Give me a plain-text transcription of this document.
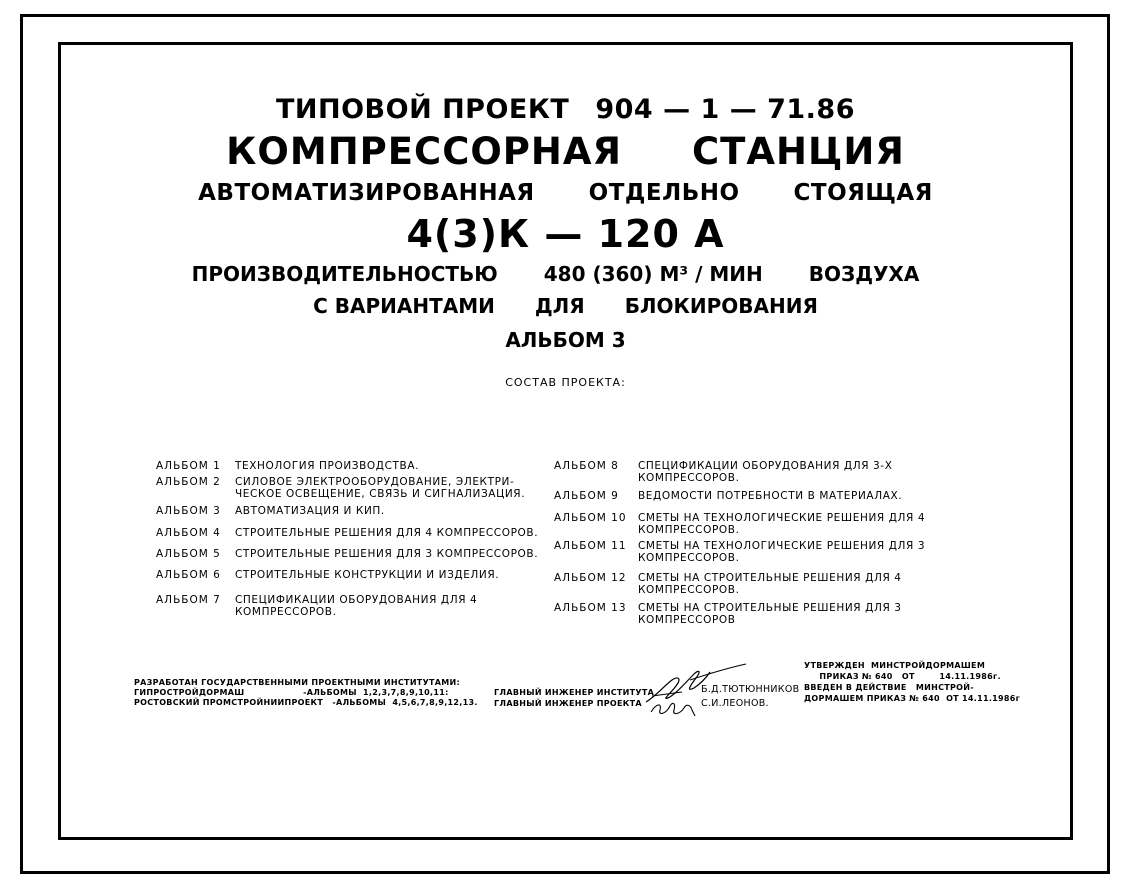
ТИПОВОЙ ПРОЕКТ 904 — 1 — 71.86
КОМПРЕССОРНАЯ СТАНЦИЯ
АВТОМАТИЗИРОВАННАЯ ОТДЕЛЬНО СТОЯЩАЯ
4(3)К — 120 А
ПРОИЗВОДИТЕЛЬНОСТЬЮ 480 (360) М³ / МИН ВОЗДУХА
С ВАРИАНТАМИ ДЛЯ БЛОКИРОВАНИЯ
АЛЬБОМ 3
СОСТАВ ПРОЕКТА:
АЛЬБОМ 1 ТЕХНОЛОГИЯ ПРОИЗВОДСТВА.
АЛЬБОМ 2 СИЛОВОЕ ЭЛЕКТРООБОРУДОВАНИЕ, ЭЛЕКТРИ-
ЧЕСКОЕ ОСВЕЩЕНИЕ, СВЯЗЬ И СИГНАЛИЗАЦИЯ.
АЛЬБОМ 3 АВТОМАТИЗАЦИЯ И КИП.
АЛЬБОМ 4 СТРОИТЕЛЬНЫЕ РЕШЕНИЯ ДЛЯ 4 КОМПРЕССОРОВ.
АЛЬБОМ 5 СТРОИТЕЛЬНЫЕ РЕШЕНИЯ ДЛЯ 3 КОМПРЕССОРОВ.
АЛЬБОМ 6 СТРОИТЕЛЬНЫЕ КОНСТРУКЦИИ И ИЗДЕЛИЯ.
АЛЬБОМ 7 СПЕЦИФИКАЦИИ ОБОРУДОВАНИЯ ДЛЯ 4
КОМПРЕССОРОВ.
АЛЬБОМ 8 СПЕЦИФИКАЦИИ ОБОРУДОВАНИЯ ДЛЯ 3-Х
КОМПРЕССОРОВ.
АЛЬБОМ 9 ВЕДОМОСТИ ПОТРЕБНОСТИ В МАТЕРИАЛАХ.
АЛЬБОМ 10 СМЕТЫ НА ТЕХНОЛОГИЧЕСКИЕ РЕШЕНИЯ ДЛЯ 4
КОМПРЕССОРОВ.
АЛЬБОМ 11 СМЕТЫ НА ТЕХНОЛОГИЧЕСКИЕ РЕШЕНИЯ ДЛЯ 3
КОМПРЕССОРОВ.
АЛЬБОМ 12 СМЕТЫ НА СТРОИТЕЛЬНЫЕ РЕШЕНИЯ ДЛЯ 4
КОМПРЕССОРОВ.
АЛЬБОМ 13 СМЕТЫ НА СТРОИТЕЛЬНЫЕ РЕШЕНИЯ ДЛЯ 3
КОМПРЕССОРОВ
РАЗРАБОТАН ГОСУДАРСТВЕННЫМИ ПРОЕКТНЫМИ ИНСТИТУТАМИ:
ГИПРОСТРОЙДОРМАШ                   -АЛЬБОМЫ  1,2,3,7,8,9,10,11:
РОСТОВСКИЙ ПРОМСТРОЙНИИПРОЕКТ   -АЛЬБОМЫ  4,5,6,7,8,9,12,13.
ГЛАВНЫЙ ИНЖЕНЕР ИНСТИТУТА
ГЛАВНЫЙ ИНЖЕНЕР ПРОЕКТА
Б.Д.ТЮТЮННИКОВ
С.И.ЛЕОНОВ.
УТВЕРЖДЕН  МИНСТРОЙДОРМАШЕМ
ПРИКАЗ № 640   ОТ        14.11.1986г.
ВВЕДЕН В ДЕЙСТВИЕ   МИНСТРОЙ-
ДОРМАШЕМ ПРИКАЗ № 640  ОТ 14.11.1986г
